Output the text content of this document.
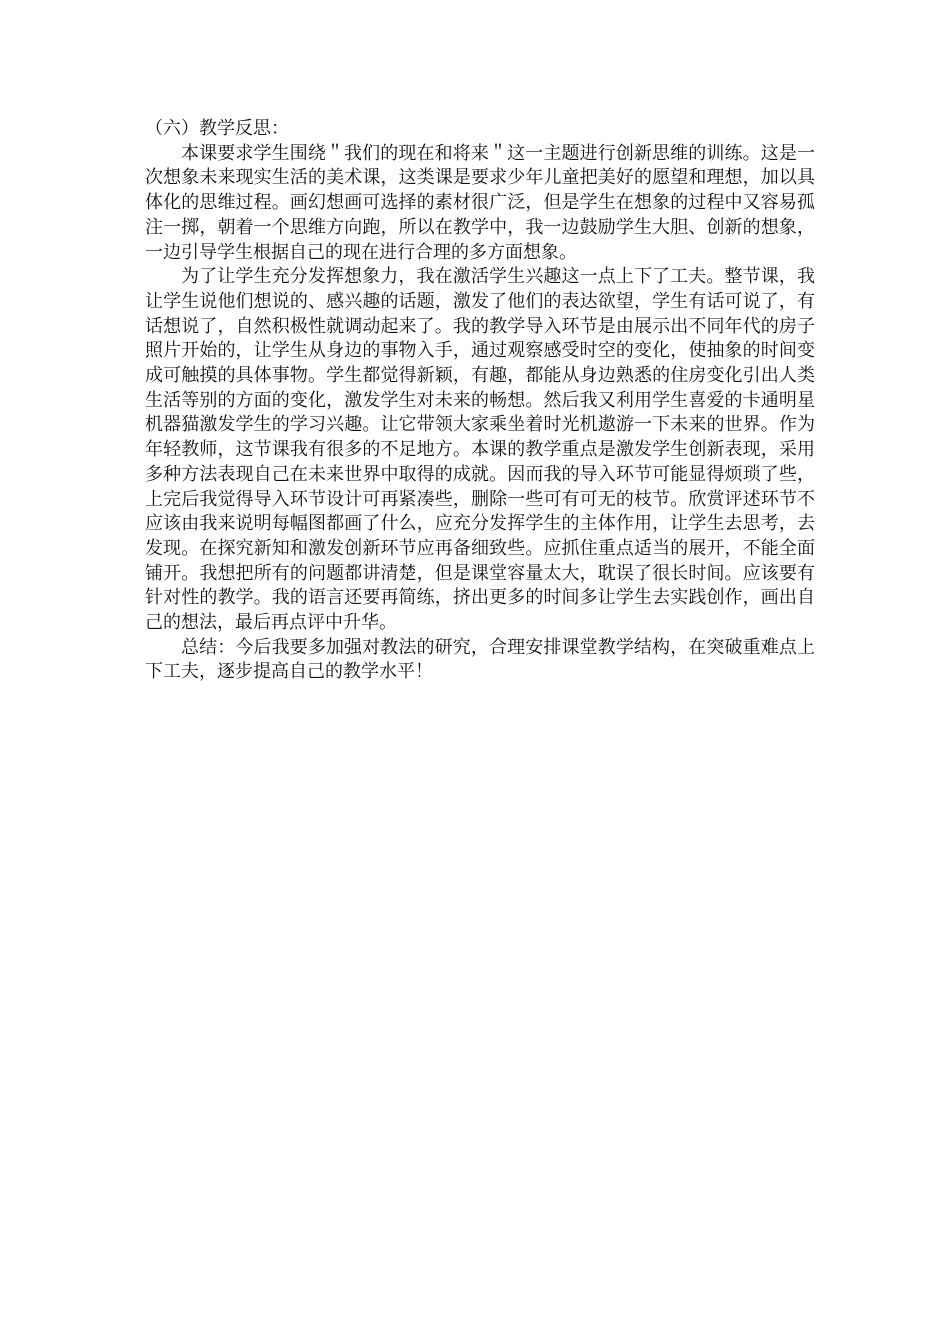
（六）教学反思：

本课要求学生围绕＂我们的现在和将来＂这一主题进行创新思维的训练。这是一次想象未来现实生活的美术课，这类课是要求少年儿童把美好的愿望和理想，加以具体化的思维过程。画幻想画可选择的素材很广泛，但是学生在想象的过程中又容易孤注一掷，朝着一个思维方向跑，所以在教学中，我一边鼓励学生大胆、创新的想象，一边引导学生根据自己的现在进行合理的多方面想象。

为了让学生充分发挥想象力，我在激活学生兴趣这一点上下了工夫。整节课，我让学生说他们想说的、感兴趣的话题，激发了他们的表达欲望，学生有话可说了，有话想说了，自然积极性就调动起来了。我的教学导入环节是由展示出不同年代的房子照片开始的，让学生从身边的事物入手，通过观察感受时空的变化，使抽象的时间变成可触摸的具体事物。学生都觉得新颖，有趣，都能从身边熟悉的住房变化引出人类生活等别的方面的变化，激发学生对未来的畅想。然后我又利用学生喜爱的卡通明星机器猫激发学生的学习兴趣。让它带领大家乘坐着时光机遨游一下未来的世界。作为年轻教师，这节课我有很多的不足地方。本课的教学重点是激发学生创新表现，采用多种方法表现自己在未来世界中取得的成就。因而我的导入环节可能显得烦琐了些，上完后我觉得导入环节设计可再紧凑些，删除一些可有可无的枝节。欣赏评述环节不应该由我来说明每幅图都画了什么，应充分发挥学生的主体作用，让学生去思考，去发现。在探究新知和激发创新环节应再备细致些。应抓住重点适当的展开，不能全面铺开。我想把所有的问题都讲清楚，但是课堂容量太大，耽误了很长时间。应该要有针对性的教学。我的语言还要再简练，挤出更多的时间多让学生去实践创作，画出自己的想法，最后再点评中升华。

总结：今后我要多加强对教法的研究，合理安排课堂教学结构，在突破重难点上下工夫，逐步提高自己的教学水平！
